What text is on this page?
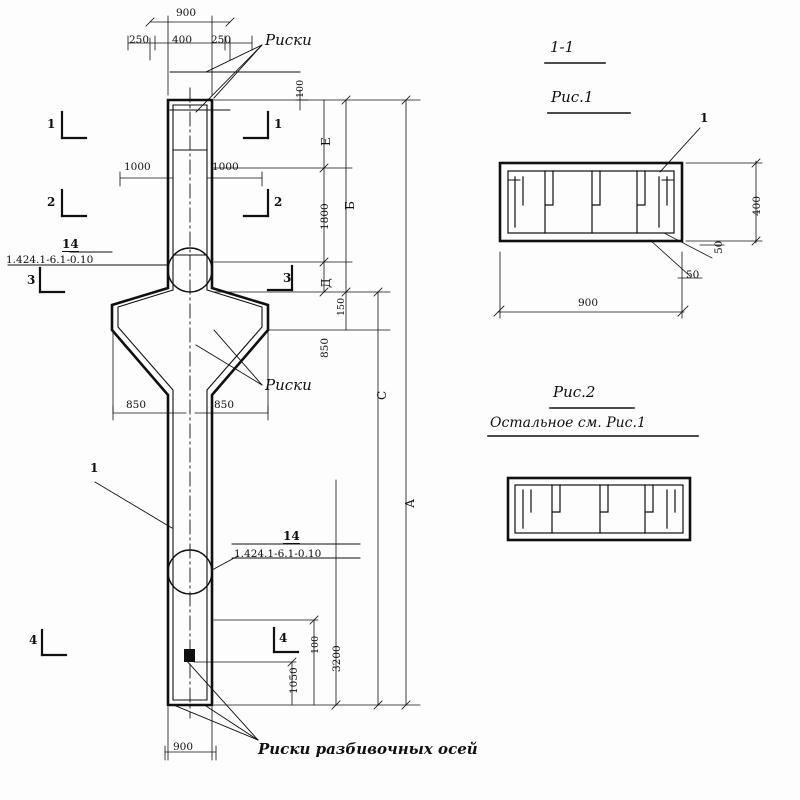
900
250 400 250 Риски
Риски
Риски разбивочных осей
1
2
3
4
1
2
3
4
14
1.424.1-6.1-0.10
14
1.424.1-6.1-0.10
1
1000	1000
850	850
900
100
Е
1800 Б
Д
150
850
С
А
3200
100
1050
1-1
Рис.1
Рис.2
Остальное см. Рис.1
1
900
400
50
50
